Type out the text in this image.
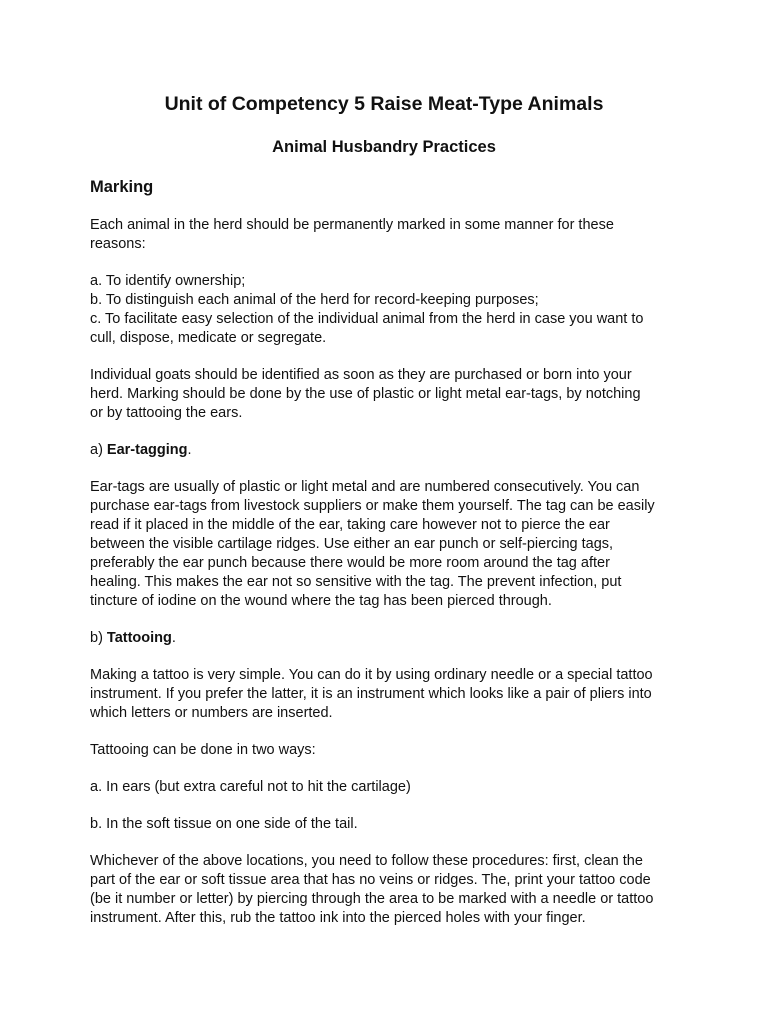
Unit of Competency 5 Raise Meat-Type Animals
Animal Husbandry Practices
Marking

Each animal in the herd should be permanently marked in some manner for these
reasons:

a. To identify ownership;
b. To distinguish each animal of the herd for record-keeping purposes;
c. To facilitate easy selection of the individual animal from the herd in case you want to
cull, dispose, medicate or segregate.

Individual goats should be identified as soon as they are purchased or born into your
herd. Marking should be done by the use of plastic or light metal ear-tags, by notching
or by tattooing the ears.

a) Ear-tagging.

Ear-tags are usually of plastic or light metal and are numbered consecutively. You can
purchase ear-tags from livestock suppliers or make them yourself. The tag can be easily
read if it placed in the middle of the ear, taking care however not to pierce the ear
between the visible cartilage ridges. Use either an ear punch or self-piercing tags,
preferably the ear punch because there would be more room around the tag after
healing. This makes the ear not so sensitive with the tag. The prevent infection, put
tincture of iodine on the wound where the tag has been pierced through.

b) Tattooing.

Making a tattoo is very simple. You can do it by using ordinary needle or a special tattoo
instrument. If you prefer the latter, it is an instrument which looks like a pair of pliers into
which letters or numbers are inserted.

Tattooing can be done in two ways:

a. In ears (but extra careful not to hit the cartilage)

b. In the soft tissue on one side of the tail.

Whichever of the above locations, you need to follow these procedures: first, clean the
part of the ear or soft tissue area that has no veins or ridges. The, print your tattoo code
(be it number or letter) by piercing through the area to be marked with a needle or tattoo
instrument. After this, rub the tattoo ink into the pierced holes with your finger.
